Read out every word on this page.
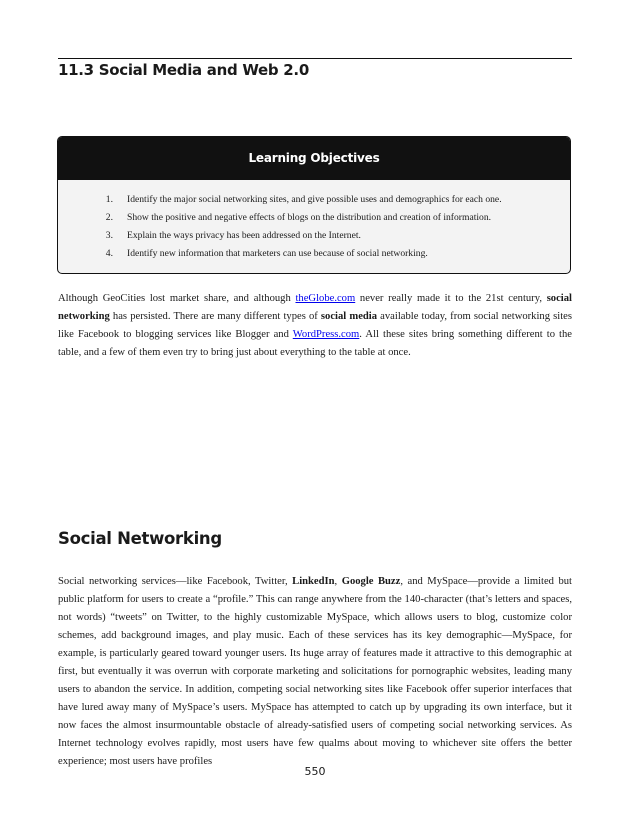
11.3 Social Media and Web 2.0
Learning Objectives
1. Identify the major social networking sites, and give possible uses and demographics for each one.
2. Show the positive and negative effects of blogs on the distribution and creation of information.
3. Explain the ways privacy has been addressed on the Internet.
4. Identify new information that marketers can use because of social networking.

Although GeoCities lost market share, and although theGlobe.com never really made it to the 21st century, social networking has persisted. There are many different types of social media available today, from social networking sites like Facebook to blogging services like Blogger and WordPress.com. All these sites bring something different to the table, and a few of them even try to bring just about everything to the table at once.

Social Networking

Social networking services—like Facebook, Twitter, LinkedIn, Google Buzz, and MySpace—provide a limited but public platform for users to create a “profile.” This can range anywhere from the 140-character (that’s letters and spaces, not words) “tweets” on Twitter, to the highly customizable MySpace, which allows users to blog, customize color schemes, add background images, and play music. Each of these services has its key demographic—MySpace, for example, is particularly geared toward younger users. Its huge array of features made it attractive to this demographic at first, but eventually it was overrun with corporate marketing and solicitations for pornographic websites, leading many users to abandon the service. In addition, competing social networking sites like Facebook offer superior interfaces that have lured away many of MySpace’s users. MySpace has attempted to catch up by upgrading its own interface, but it now faces the almost insurmountable obstacle of already-satisfied users of competing social networking services. As Internet technology evolves rapidly, most users have few qualms about moving to whichever site offers the better experience; most users have profiles

550
